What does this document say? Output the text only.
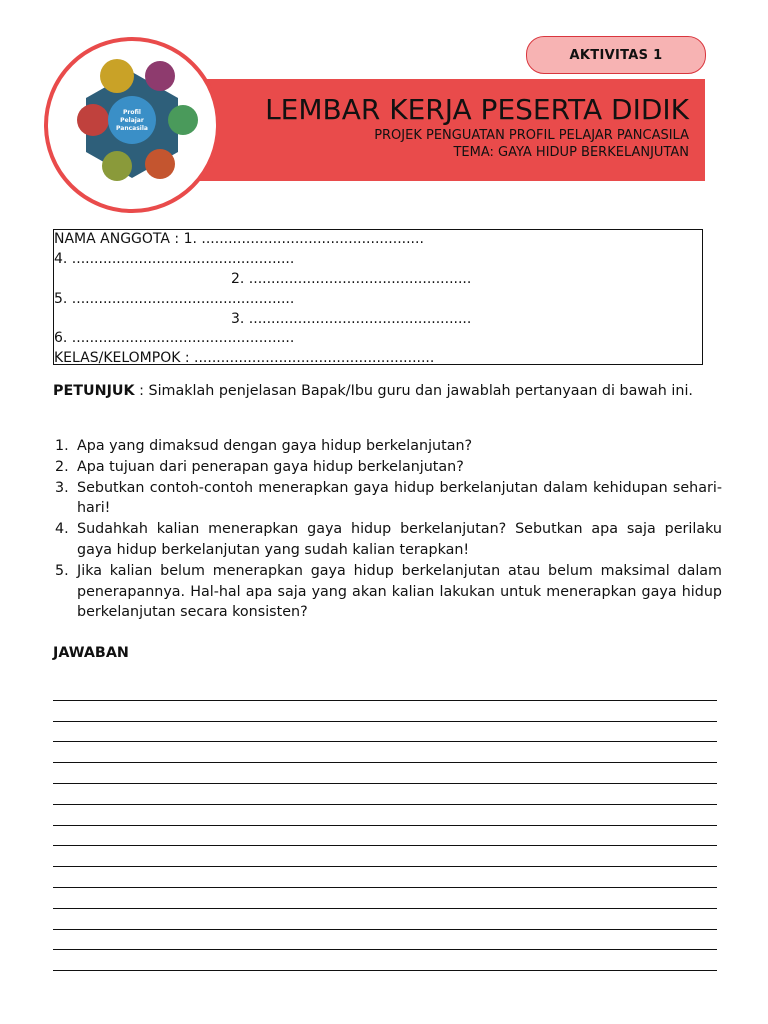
AKTIVITAS 1
LEMBAR KERJA PESERTA DIDIK
PROJEK PENGUATAN PROFIL PELAJAR PANCASILA
TEMA: GAYA HIDUP BERKELANJUTAN
Profil
Pelajar
Pancasila
NAMA ANGGOTA : 1. ..................................................
4. ..................................................
2. ..................................................
5. ..................................................
3. ..................................................
6. ..................................................
KELAS/KELOMPOK : ......................................................
PETUNJUK : Simaklah penjelasan Bapak/Ibu guru dan jawablah pertanyaan di bawah ini.
1. Apa yang dimaksud dengan gaya hidup berkelanjutan?
2. Apa tujuan dari penerapan gaya hidup berkelanjutan?
3. Sebutkan contoh-contoh menerapkan gaya hidup berkelanjutan dalam kehidupan sehari-hari!
4. Sudahkah kalian menerapkan gaya hidup berkelanjutan? Sebutkan apa saja perilaku gaya hidup berkelanjutan yang sudah kalian terapkan!
5. Jika kalian belum menerapkan gaya hidup berkelanjutan atau belum maksimal dalam penerapannya. Hal-hal apa saja yang akan kalian lakukan untuk menerapkan gaya hidup berkelanjutan secara konsisten?
JAWABAN
